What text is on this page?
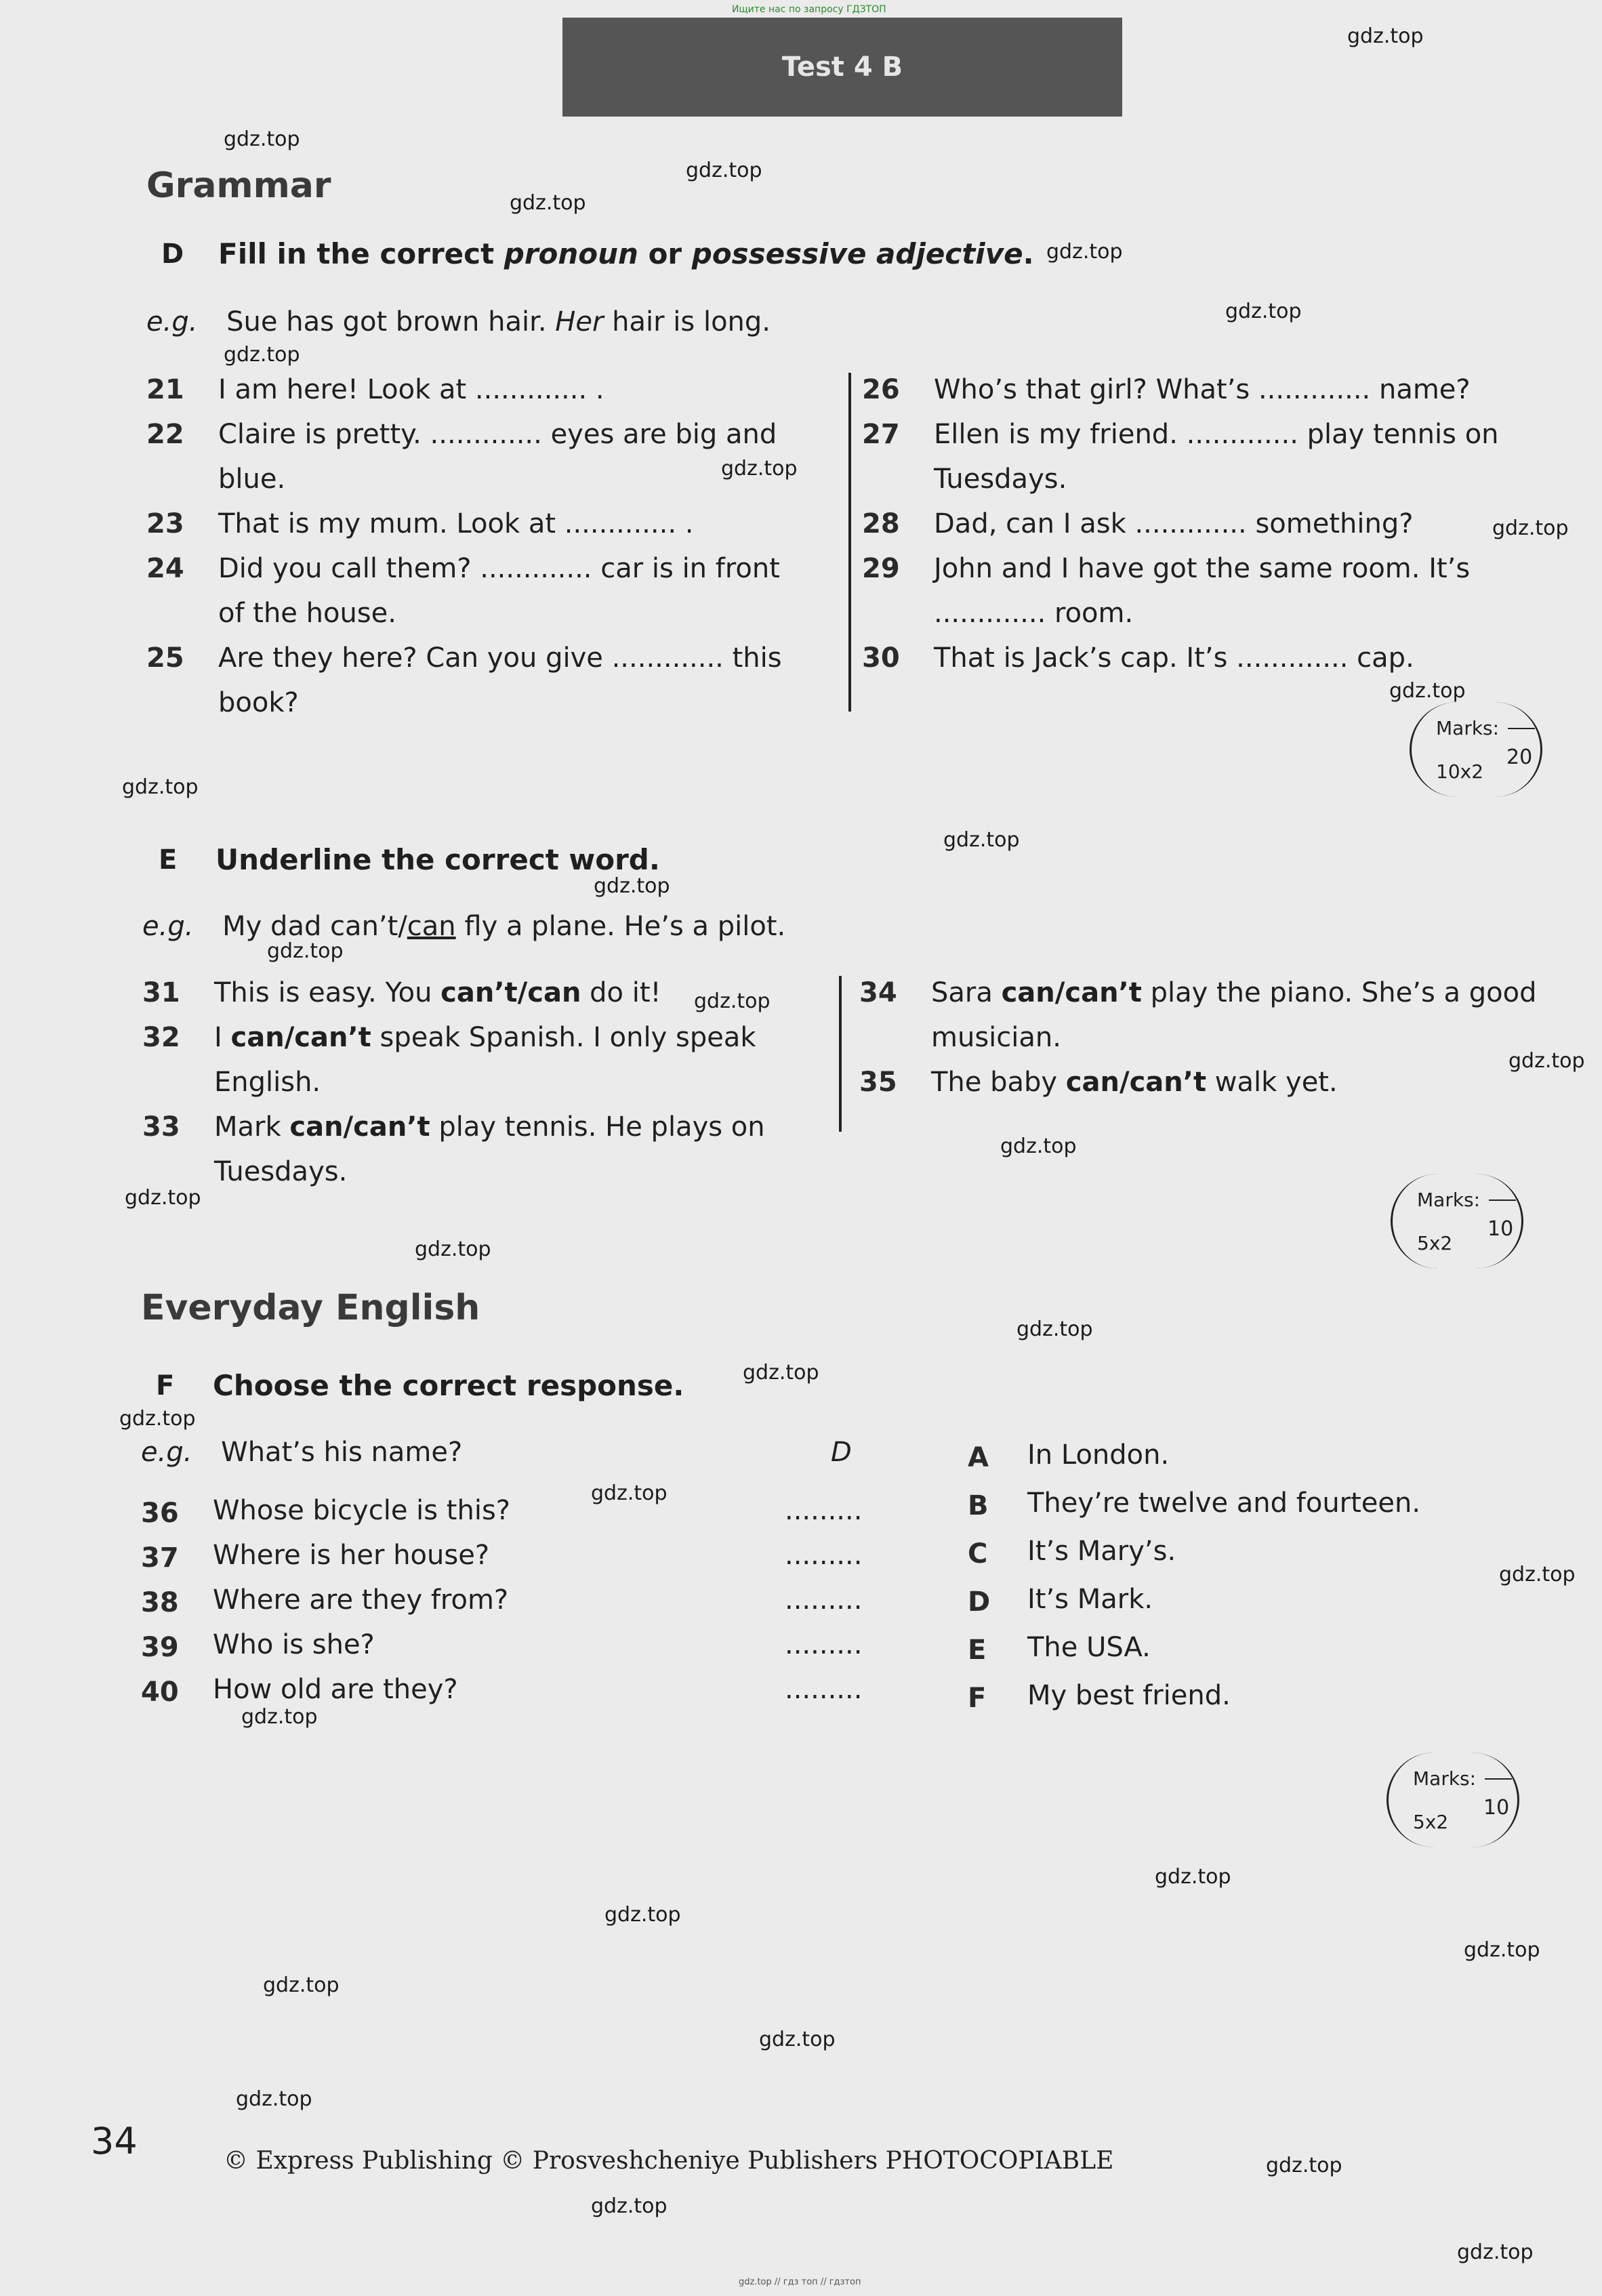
Ищите нас по запросу ГДЗТОП
Test 4 B
Grammar
D Fill in the correct pronoun or possessive adjective.
e.g. Sue has got brown hair. Her hair is long.
21	I am here! Look at ............. .
22	Claire is pretty. ............. eyes are big and
blue.
23	That is my mum. Look at ............. .
24	Did you call them? ............. car is in front
of the house.
25	Are they here? Can you give ............. this
book?
26	Who’s that girl? What’s ............. name?
27	Ellen is my friend. ............. play tennis on
Tuesdays.
28	Dad, can I ask ............. something?
29	John and I have got the same room. It’s
............. room.
30	That is Jack’s cap. It’s ............. cap.
Marks:
20
10x2
E Underline the correct word.
e.g. My dad can’t/can fly a plane. He’s a pilot.
31	This is easy. You can’t/can do it!
32	I can/can’t speak Spanish. I only speak English.
33	Mark can/can’t play tennis. He plays on
Tuesdays.
34	Sara can/can’t play the piano. She’s a good
musician.
35	The baby can/can’t walk yet.
Marks:
10
5x2
Everyday English
F Choose the correct response.
e.g. What’s his name?	D
36 Whose bicycle is this?	.........
37 Where is her house?	.........
38 Where are they from?	.........
39 Who is she?	.........
40 How old are they?	.........
A In London.
B They’re twelve and fourteen.
C It’s Mary’s.
D It’s Mark.
E The USA.
F My best friend.
Marks:
10
5x2
34	© Express Publishing © Prosveshcheniye Publishers PHOTOCOPIABLE
gdz.top // гдз топ // гдзтоп
gdz.top
gdz.top
gdz.top
gdz.top
gdz.top
gdz.top
gdz.top
gdz.top
gdz.top
gdz.top
gdz.top
gdz.top
gdz.top
gdz.top
gdz.top
gdz.top
gdz.top
gdz.top
gdz.top
gdz.top
gdz.top
gdz.top
gdz.top
gdz.top
gdz.top
gdz.top
gdz.top
gdz.top
gdz.top
gdz.top
gdz.top
gdz.top
gdz.top
gdz.top
